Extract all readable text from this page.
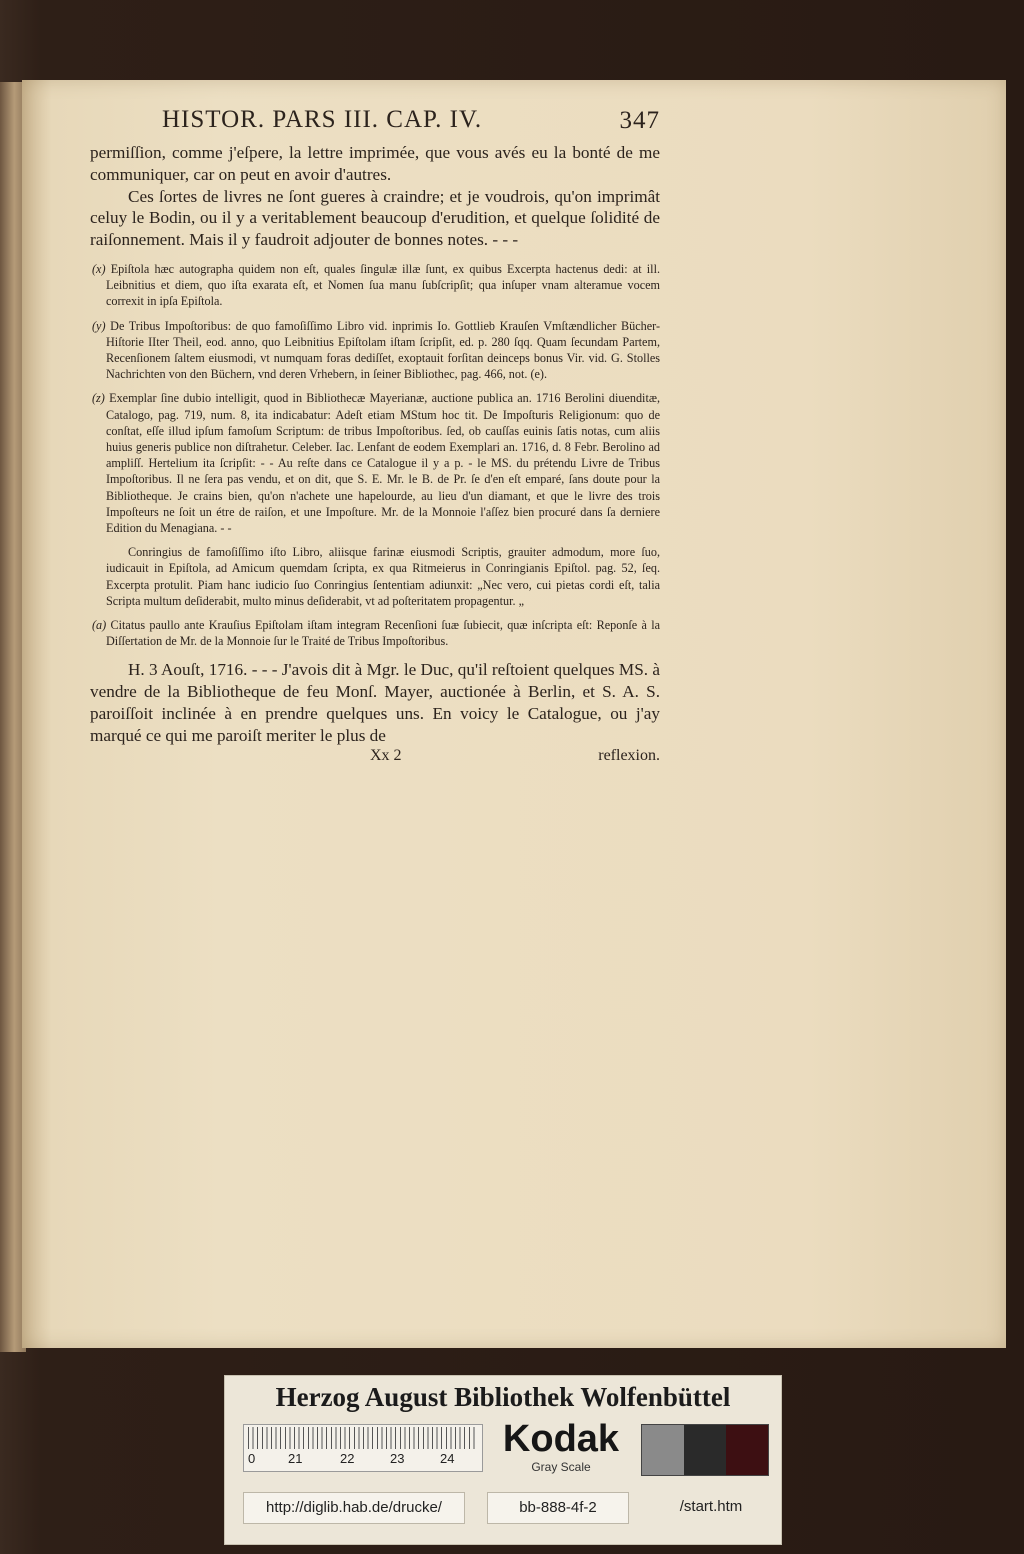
HISTOR. PARS III. CAP. IV.	347

permiſſion, comme j'eſpere, la lettre imprimée, que vous avés eu la bonté de me communiquer, car on peut en avoir d'autres.

Ces ſortes de livres ne ſont gueres à craindre; et je voudrois, qu'on imprimât celuy le Bodin, ou il y a veritablement beaucoup d'erudition, et quelque ſolidité de raiſonnement. Mais il y faudroit adjouter de bonnes notes. - - -

(x) Epiſtola hæc autographa quidem non eſt, quales ſingulæ illæ ſunt, ex quibus Excerpta hactenus dedi: at ill. Leibnitius et diem, quo iſta exarata eſt, et Nomen ſua manu ſubſcripſit; qua inſuper vnam alteramue vocem correxit in ipſa Epiſtola.

(y) De Tribus Impoſtoribus: de quo famoſiſſimo Libro vid. inprimis Io. Gottlieb Krauſen Vmſtændlicher Bücher-Hiſtorie IIter Theil, eod. anno, quo Leibnitius Epiſtolam iſtam ſcripſit, ed. p. 280 ſqq. Quam ſecundam Partem, Recenſionem ſaltem eiusmodi, vt numquam foras dediſſet, exoptauit forſitan deinceps bonus Vir. vid. G. Stolles Nachrichten von den Büchern, vnd deren Vrhebern, in ſeiner Bibliothec, pag. 466, not. (e).

(z) Exemplar ſine dubio intelligit, quod in Bibliothecæ Mayerianæ, auctione publica an. 1716 Berolini diuenditæ, Catalogo, pag. 719, num. 8, ita indicabatur: Adeſt etiam MStum hoc tit. De Impoſturis Religionum: quo de conſtat, eſſe illud ipſum famoſum Scriptum: de tribus Impoſtoribus. ſed, ob cauſſas euinis ſatis notas, cum aliis huius generis publice non diſtrahetur. Celeber. Iac. Lenfant de eodem Exemplari an. 1716, d. 8 Febr. Berolino ad ampliſſ. Hertelium ita ſcripſit: - - Au reſte dans ce Catalogue il y a p. - le MS. du prétendu Livre de Tribus Impoſtoribus. Il ne ſera pas vendu, et on dit, que S. E. Mr. le B. de Pr. ſe d'en eſt emparé, ſans doute pour la Bibliotheque. Je crains bien, qu'on n'achete une hapelourde, au lieu d'un diamant, et que le livre des trois Impoſteurs ne ſoit un étre de raiſon, et une Impoſture. Mr. de la Monnoie l'aſſez bien procuré dans ſa derniere Edition du Menagiana. - -

Conringius de famoſiſſimo iſto Libro, aliisque farinæ eiusmodi Scriptis, grauiter admodum, more ſuo, iudicauit in Epiſtola, ad Amicum quemdam ſcripta, ex qua Ritmeierus in Conringianis Epiſtol. pag. 52, ſeq. Excerpta protulit. Piam hanc iudicio ſuo Conringius ſententiam adiunxit: „Nec vero, cui pietas cordi eſt, talia Scripta multum deſiderabit, multo minus deſiderabit, vt ad poſteritatem propagentur. „

(a) Citatus paullo ante Krauſius Epiſtolam iſtam integram Recenſioni ſuæ ſubiecit, quæ inſcripta eſt: Reponſe à la Diſſertation de Mr. de la Monnoie ſur le Traité de Tribus Impoſtoribus.

H. 3 Aouſt, 1716. - - - J'avois dit à Mgr. le Duc, qu'il reſtoient quelques MS. à vendre de la Bibliotheque de feu Monſ. Mayer, auctionée à Berlin, et S. A. S. paroiſſoit inclinée à en prendre quelques uns. En voicy le Catalogue, ou j'ay marqué ce qui me paroiſt meriter le plus de

Xx 2	reflexion.
Herzog August Bibliothek Wolfenbüttel
0	21	22	23	24 Kodak
Gray Scale
http://diglib.hab.de/drucke/	bb-888-4f-2	/start.htm
